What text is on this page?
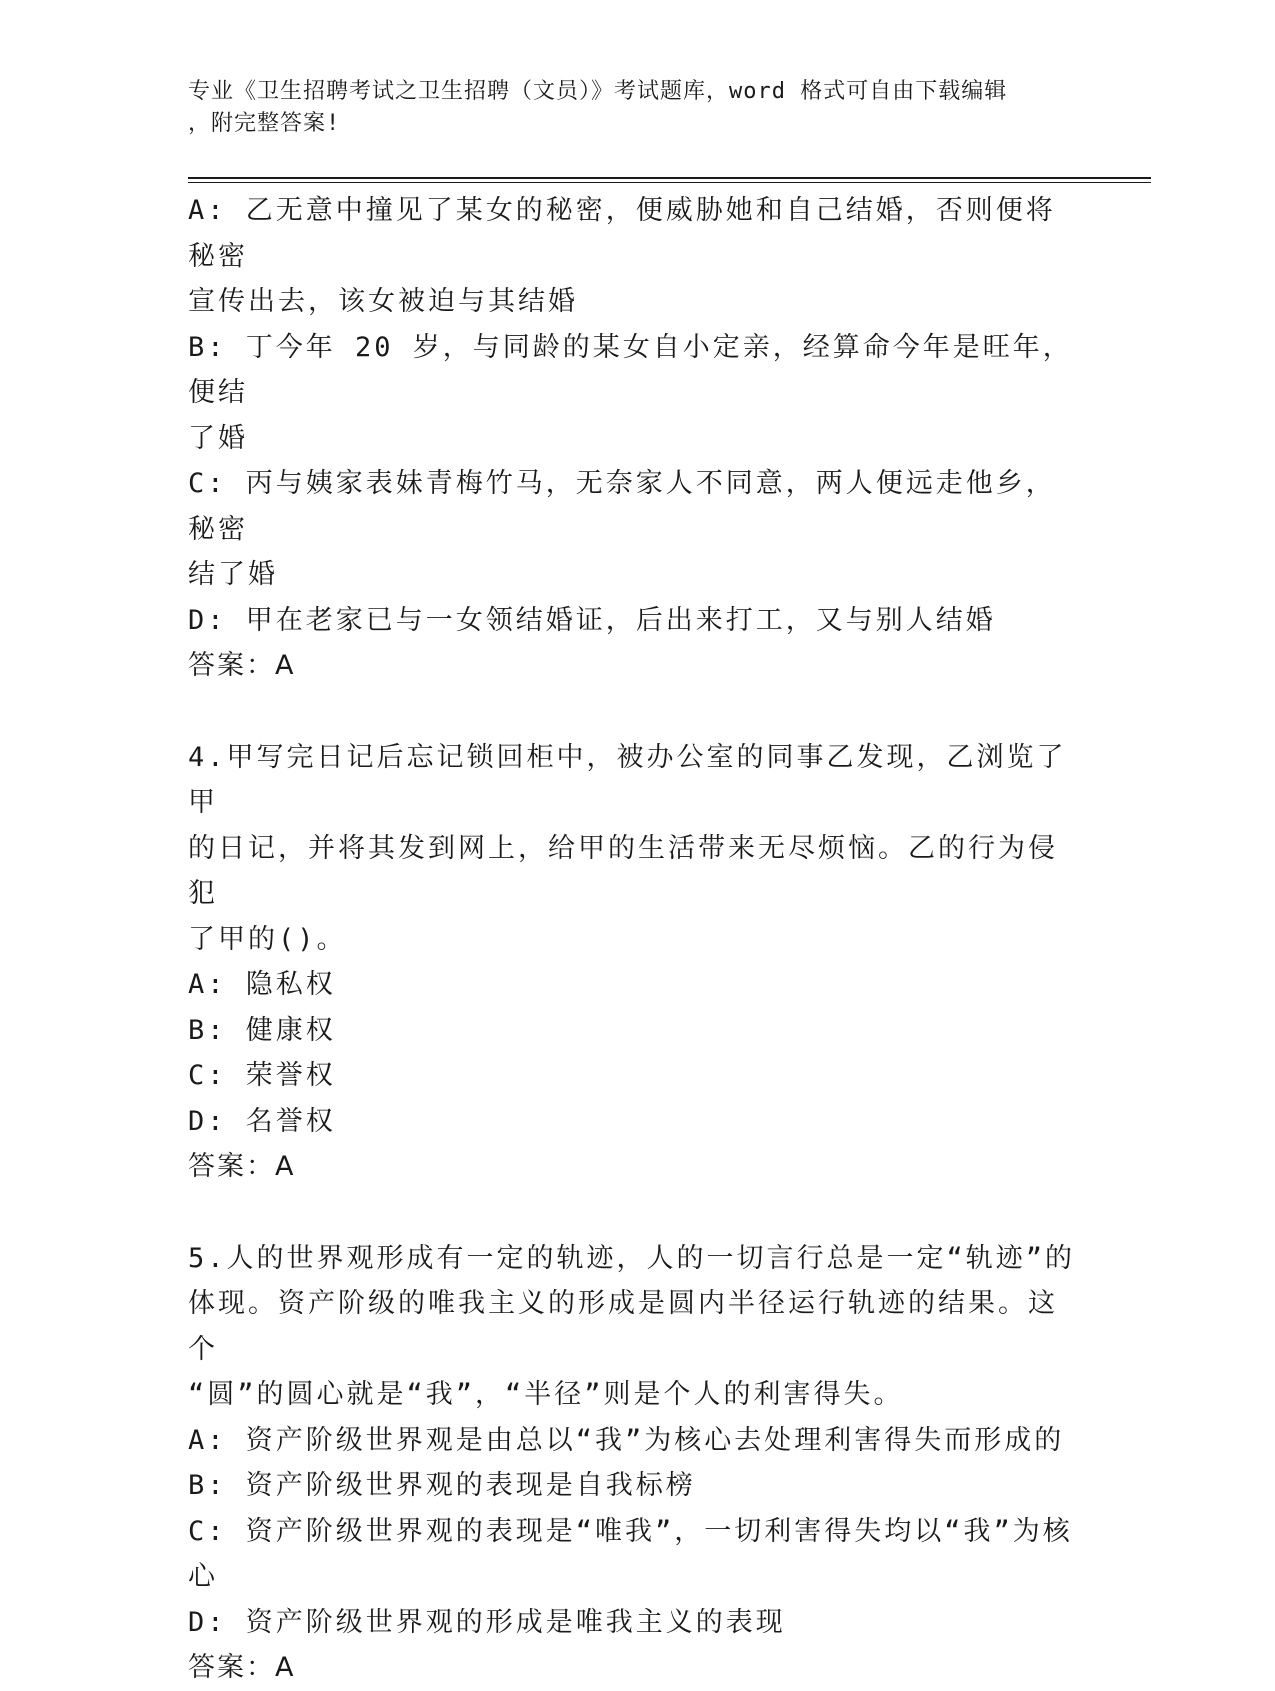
专业《卫生招聘考试之卫生招聘（文员）》考试题库，word 格式可自由下载编辑
，附完整答案!
A: 乙无意中撞见了某女的秘密，便威胁她和自己结婚，否则便将秘密
宣传出去，该女被迫与其结婚
B: 丁今年 20 岁，与同龄的某女自小定亲，经算命今年是旺年，便结
了婚
C: 丙与姨家表妹青梅竹马，无奈家人不同意，两人便远走他乡，秘密
结了婚
D: 甲在老家已与一女领结婚证，后出来打工，又与别人结婚
答案：A
4.甲写完日记后忘记锁回柜中，被办公室的同事乙发现，乙浏览了甲
的日记，并将其发到网上，给甲的生活带来无尽烦恼。乙的行为侵犯
了甲的()。
A: 隐私权
B: 健康权
C: 荣誉权
D: 名誉权
答案：A
5.人的世界观形成有一定的轨迹，人的一切言行总是一定“轨迹”的
体现。资产阶级的唯我主义的形成是圆内半径运行轨迹的结果。这个
“圆”的圆心就是“我”，“半径”则是个人的利害得失。
A: 资产阶级世界观是由总以“我”为核心去处理利害得失而形成的
B: 资产阶级世界观的表现是自我标榜
C: 资产阶级世界观的表现是“唯我”，一切利害得失均以“我”为核
心
D: 资产阶级世界观的形成是唯我主义的表现
答案：A
